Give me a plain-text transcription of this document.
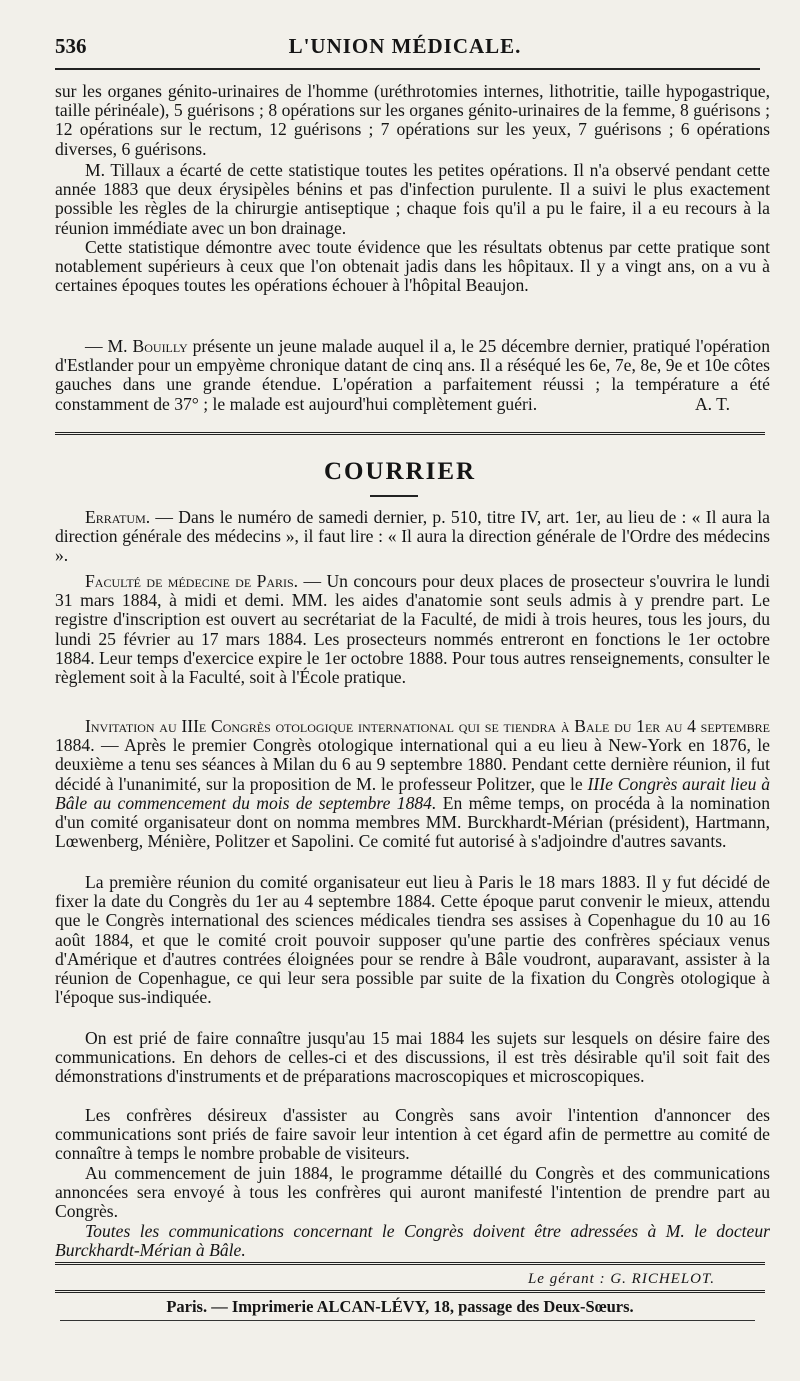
536	L'UNION MÉDICALE.

sur les organes génito-urinaires de l'homme (uréthrotomies internes, lithotritie, taille hypogastrique, taille périnéale), 5 guérisons ; 8 opérations sur les organes génito-urinaires de la femme, 8 guérisons ; 12 opérations sur le rectum, 12 guérisons ; 7 opérations sur les yeux, 7 guérisons ; 6 opérations diverses, 6 guérisons.

M. Tillaux a écarté de cette statistique toutes les petites opérations. Il n'a observé pendant cette année 1883 que deux érysipèles bénins et pas d'infection purulente. Il a suivi le plus exactement possible les règles de la chirurgie antiseptique ; chaque fois qu'il a pu le faire, il a eu recours à la réunion immédiate avec un bon drainage.

Cette statistique démontre avec toute évidence que les résultats obtenus par cette pratique sont notablement supérieurs à ceux que l'on obtenait jadis dans les hôpitaux. Il y a vingt ans, on a vu à certaines époques toutes les opérations échouer à l'hôpital Beaujon.

— M. Bouilly présente un jeune malade auquel il a, le 25 décembre dernier, pratiqué l'opération d'Estlander pour un empyème chronique datant de cinq ans. Il a réséqué les 6e, 7e, 8e, 9e et 10e côtes gauches dans une grande étendue. L'opération a parfaitement réussi ; la température a été constamment de 37° ; le malade est aujourd'hui complètement guéri.	A. T.

COURRIER

Erratum. — Dans le numéro de samedi dernier, p. 510, titre IV, art. 1er, au lieu de : « Il aura la direction générale des médecins », il faut lire : « Il aura la direction générale de l'Ordre des médecins ».

Faculté de médecine de Paris. — Un concours pour deux places de prosecteur s'ouvrira le lundi 31 mars 1884, à midi et demi. MM. les aides d'anatomie sont seuls admis à y prendre part. Le registre d'inscription est ouvert au secrétariat de la Faculté, de midi à trois heures, tous les jours, du lundi 25 février au 17 mars 1884. Les prosecteurs nommés entreront en fonctions le 1er octobre 1884. Leur temps d'exercice expire le 1er octobre 1888. Pour tous autres renseignements, consulter le règlement soit à la Faculté, soit à l'École pratique.

Invitation au IIIe Congrès otologique international qui se tiendra à Bale du 1er au 4 septembre 1884. — Après le premier Congrès otologique international qui a eu lieu à New-York en 1876, le deuxième a tenu ses séances à Milan du 6 au 9 septembre 1880. Pendant cette dernière réunion, il fut décidé à l'unanimité, sur la proposition de M. le professeur Politzer, que le IIIe Congrès aurait lieu à Bâle au commencement du mois de septembre 1884. En même temps, on procéda à la nomination d'un comité organisateur dont on nomma membres MM. Burckhardt-Mérian (président), Hartmann, Lœwenberg, Ménière, Politzer et Sapolini. Ce comité fut autorisé à s'adjoindre d'autres savants.

La première réunion du comité organisateur eut lieu à Paris le 18 mars 1883. Il y fut décidé de fixer la date du Congrès du 1er au 4 septembre 1884. Cette époque parut convenir le mieux, attendu que le Congrès international des sciences médicales tiendra ses assises à Copenhague du 10 au 16 août 1884, et que le comité croit pouvoir supposer qu'une partie des confrères spéciaux venus d'Amérique et d'autres contrées éloignées pour se rendre à Bâle voudront, auparavant, assister à la réunion de Copenhague, ce qui leur sera possible par suite de la fixation du Congrès otologique à l'époque sus-indiquée.

On est prié de faire connaître jusqu'au 15 mai 1884 les sujets sur lesquels on désire faire des communications. En dehors de celles-ci et des discussions, il est très désirable qu'il soit fait des démonstrations d'instruments et de préparations macroscopiques et microscopiques.

Les confrères désireux d'assister au Congrès sans avoir l'intention d'annoncer des communications sont priés de faire savoir leur intention à cet égard afin de permettre au comité de connaître à temps le nombre probable de visiteurs.

Au commencement de juin 1884, le programme détaillé du Congrès et des communications annoncées sera envoyé à tous les confrères qui auront manifesté l'intention de prendre part au Congrès.

Toutes les communications concernant le Congrès doivent être adressées à M. le docteur Burckhardt-Mérian à Bâle.

Le gérant : G. RICHELOT.
Paris. — Imprimerie ALCAN-LÉVY, 18, passage des Deux-Sœurs.
